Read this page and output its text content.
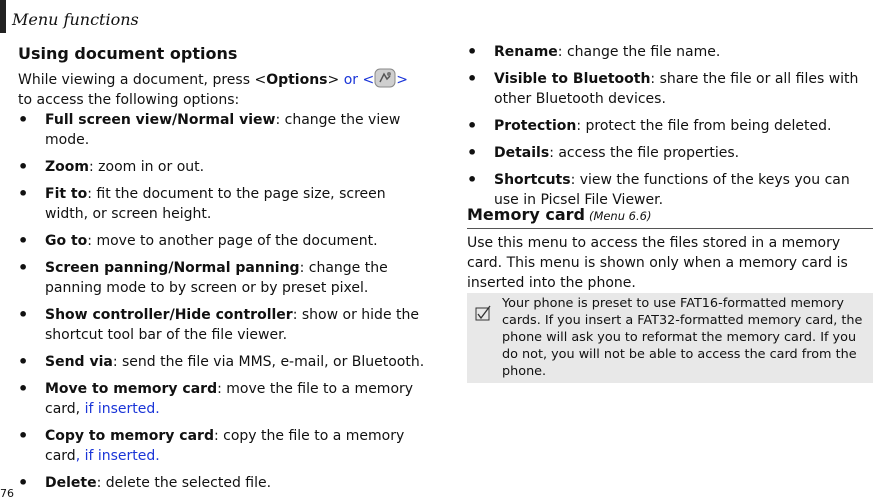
Menu functions
Using document options

While viewing a document, press <Options> or < >
to access the following options:

• Full screen view/Normal view: change the view mode.
• Zoom: zoom in or out.
• Fit to: fit the document to the page size, screen width, or screen height.
• Go to: move to another page of the document.
• Screen panning/Normal panning: change the panning mode to by screen or by preset pixel.
• Show controller/Hide controller: show or hide the shortcut tool bar of the file viewer.
• Send via: send the file via MMS, e-mail, or Bluetooth.
• Move to memory card: move the file to a memory card, if inserted.
• Copy to memory card: copy the file to a memory card, if inserted.
• Delete: delete the selected file.
• Rename: change the file name.
• Visible to Bluetooth: share the file or all files with other Bluetooth devices.
• Protection: protect the file from being deleted.
• Details: access the file properties.
• Shortcuts: view the functions of the keys you can use in Picsel File Viewer.
Memory card (Menu 6.6)

Use this menu to access the files stored in a memory card. This menu is shown only when a memory card is inserted into the phone.

Your phone is preset to use FAT16-formatted memory cards. If you insert a FAT32-formatted memory card, the phone will ask you to reformat the memory card. If you do not, you will not be able to access the card from the phone.

76
